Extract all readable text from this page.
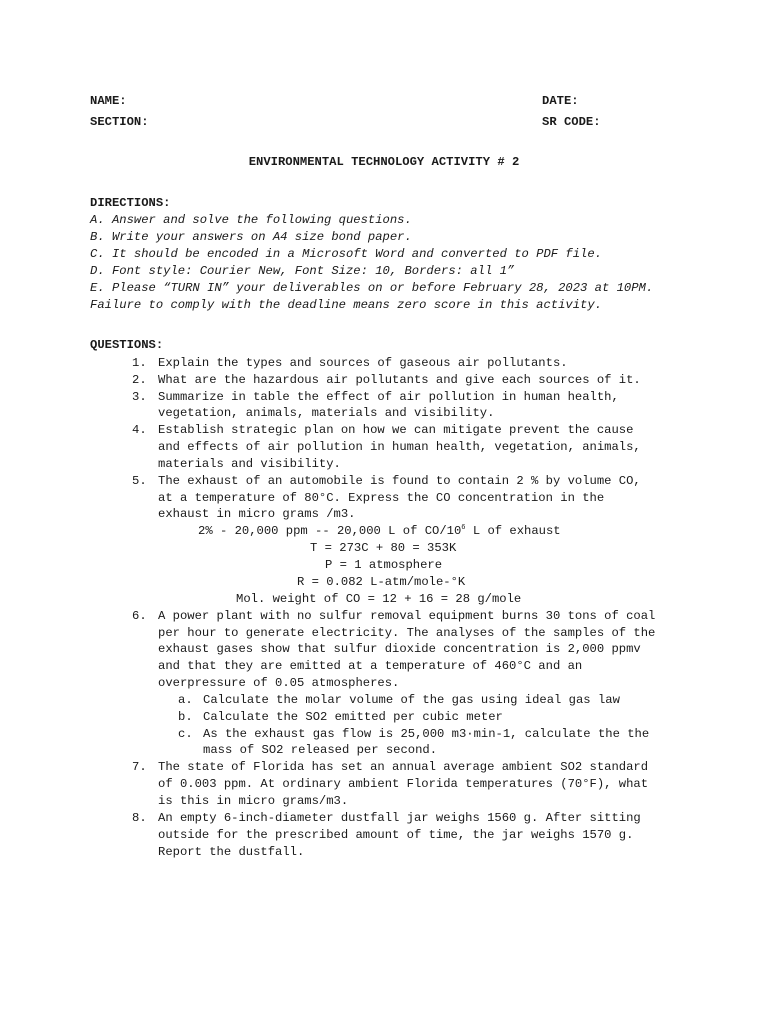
NAME:	DATE:
SECTION:	SR CODE:
ENVIRONMENTAL TECHNOLOGY ACTIVITY # 2
DIRECTIONS:
A. Answer and solve the following questions.
B. Write your answers on A4 size bond paper.
C. It should be encoded in a Microsoft Word and converted to PDF file.
D. Font style: Courier New, Font Size: 10, Borders: all 1”
E. Please “TURN IN” your deliverables on or before February 28, 2023 at 10PM.
Failure to comply with the deadline means zero score in this activity.
QUESTIONS:
1. Explain the types and sources of gaseous air pollutants.
2. What are the hazardous air pollutants and give each sources of it.
3. Summarize in table the effect of air pollution in human health,
vegetation, animals, materials and visibility.
4. Establish strategic plan on how we can mitigate prevent the cause
and effects of air pollution in human health, vegetation, animals,
materials and visibility.
5. The exhaust of an automobile is found to contain 2 % by volume CO,
at a temperature of 80°C. Express the CO concentration in the
exhaust in micro grams /m3.
2% - 20,000 ppm -- 20,000 L of $CO/10^6$ L of exhaust
T = 273C + 80 = 353K
P = 1 atmosphere
R = 0.082 L-atm/mole-°K
Mol. weight of CO = 12 + 16 = 28 g/mole
6. A power plant with no sulfur removal equipment burns 30 tons of coal
per hour to generate electricity. The analyses of the samples of the
exhaust gases show that sulfur dioxide concentration is 2,000 ppmv
and that they are emitted at a temperature of 460°C and an
overpressure of 0.05 atmospheres.
a. Calculate the molar volume of the gas using ideal gas law
b. Calculate the SO2 emitted per cubic meter
c. As the exhaust gas flow is 25,000 m3·min-1, calculate the the
mass of SO2 released per second.
7. The state of Florida has set an annual average ambient SO2 standard
of 0.003 ppm. At ordinary ambient Florida temperatures (70°F), what
is this in micro grams/m3.
8. An empty 6-inch-diameter dustfall jar weighs 1560 g. After sitting
outside for the prescribed amount of time, the jar weighs 1570 g.
Report the dustfall.
